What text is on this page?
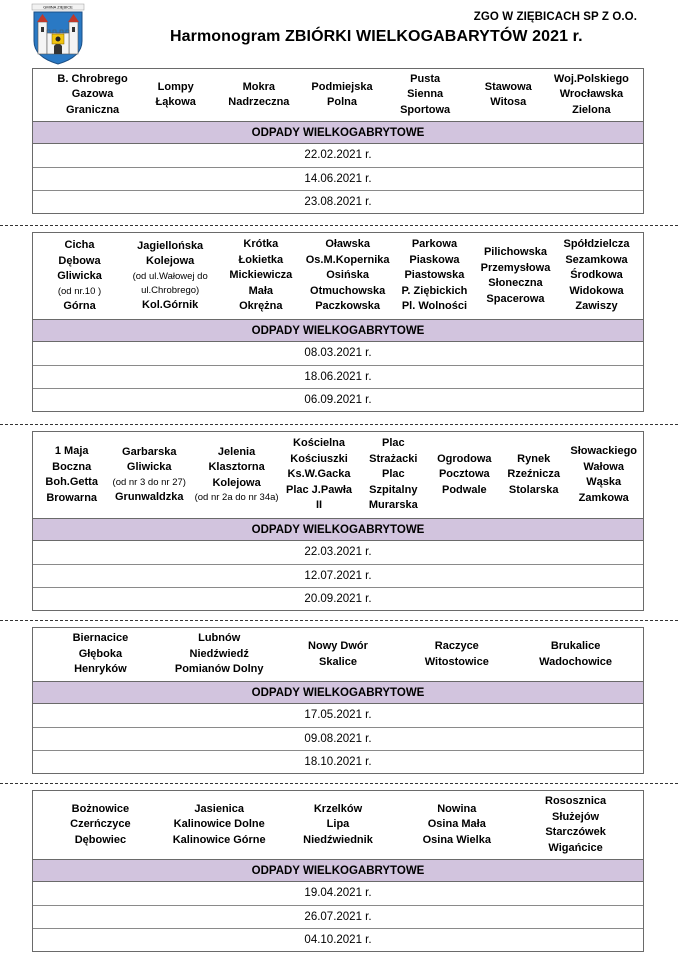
GMINA ZIĘBICE
ZGO W ZIĘBICACH SP Z O.O.
Harmonogram ZBIÓRKI WIELKOGABARYTÓW 2021 r.
B. Chrobrego
Gazowa
Graniczna
Lompy
Łąkowa
Mokra
Nadrzeczna
Podmiejska
Polna
Pusta
Sienna
Sportowa
Stawowa
Witosa
Woj.Polskiego
Wrocławska
Zielona
ODPADY WIELKOGABRYTOWE
22.02.2021 r.
14.06.2021 r.
23.08.2021 r.
Cicha
Dębowa
Gliwicka
(od nr.10 )
Górna
Jagiellońska
Kolejowa
(od ul.Wałowej do
ul.Chrobrego)
Kol.Górnik
Krótka
Łokietka
Mickiewicza
Mała
Okrężna
Oławska
Os.M.Kopernika
Osińska
Otmuchowska
Paczkowska
Parkowa
Piaskowa
Piastowska
P. Ziębickich
Pl. Wolności
Pilichowska
Przemysłowa
Słoneczna
Spacerowa
Spółdzielcza
Sezamkowa
Środkowa
Widokowa
Zawiszy
ODPADY WIELKOGABRYTOWE
08.03.2021 r.
18.06.2021 r.
06.09.2021 r.
1 Maja
Boczna
Boh.Getta
Browarna
Garbarska
Gliwicka
(od nr 3 do nr 27)
Grunwaldzka
Jelenia
Klasztorna
Kolejowa
(od nr 2a do nr 34a)
Kościelna
Kościuszki
Ks.W.Gacka
Plac J.Pawła II
Plac Strażacki
Plac Szpitalny
Murarska
Ogrodowa
Pocztowa
Podwale
Rynek
Rzeźnicza
Stolarska
Słowackiego
Wałowa
Wąska
Zamkowa
ODPADY WIELKOGABRYTOWE
22.03.2021 r.
12.07.2021 r.
20.09.2021 r.
Biernacice
Głęboka
Henryków
Lubnów
Niedźwiedź
Pomianów Dolny
Nowy Dwór
Skalice
Raczyce
Witostowice
Brukalice
Wadochowice
ODPADY WIELKOGABRYTOWE
17.05.2021 r.
09.08.2021 r.
18.10.2021 r.
Bożnowice
Czerńczyce
Dębowiec
Jasienica
Kalinowice Dolne
Kalinowice Górne
Krzelków
Lipa
Niedźwiednik
Nowina
Osina Mała
Osina Wielka
Rososznica
Służejów
Starczówek
Wigańcice
ODPADY WIELKOGABRYTOWE
19.04.2021 r.
26.07.2021 r.
04.10.2021 r.
